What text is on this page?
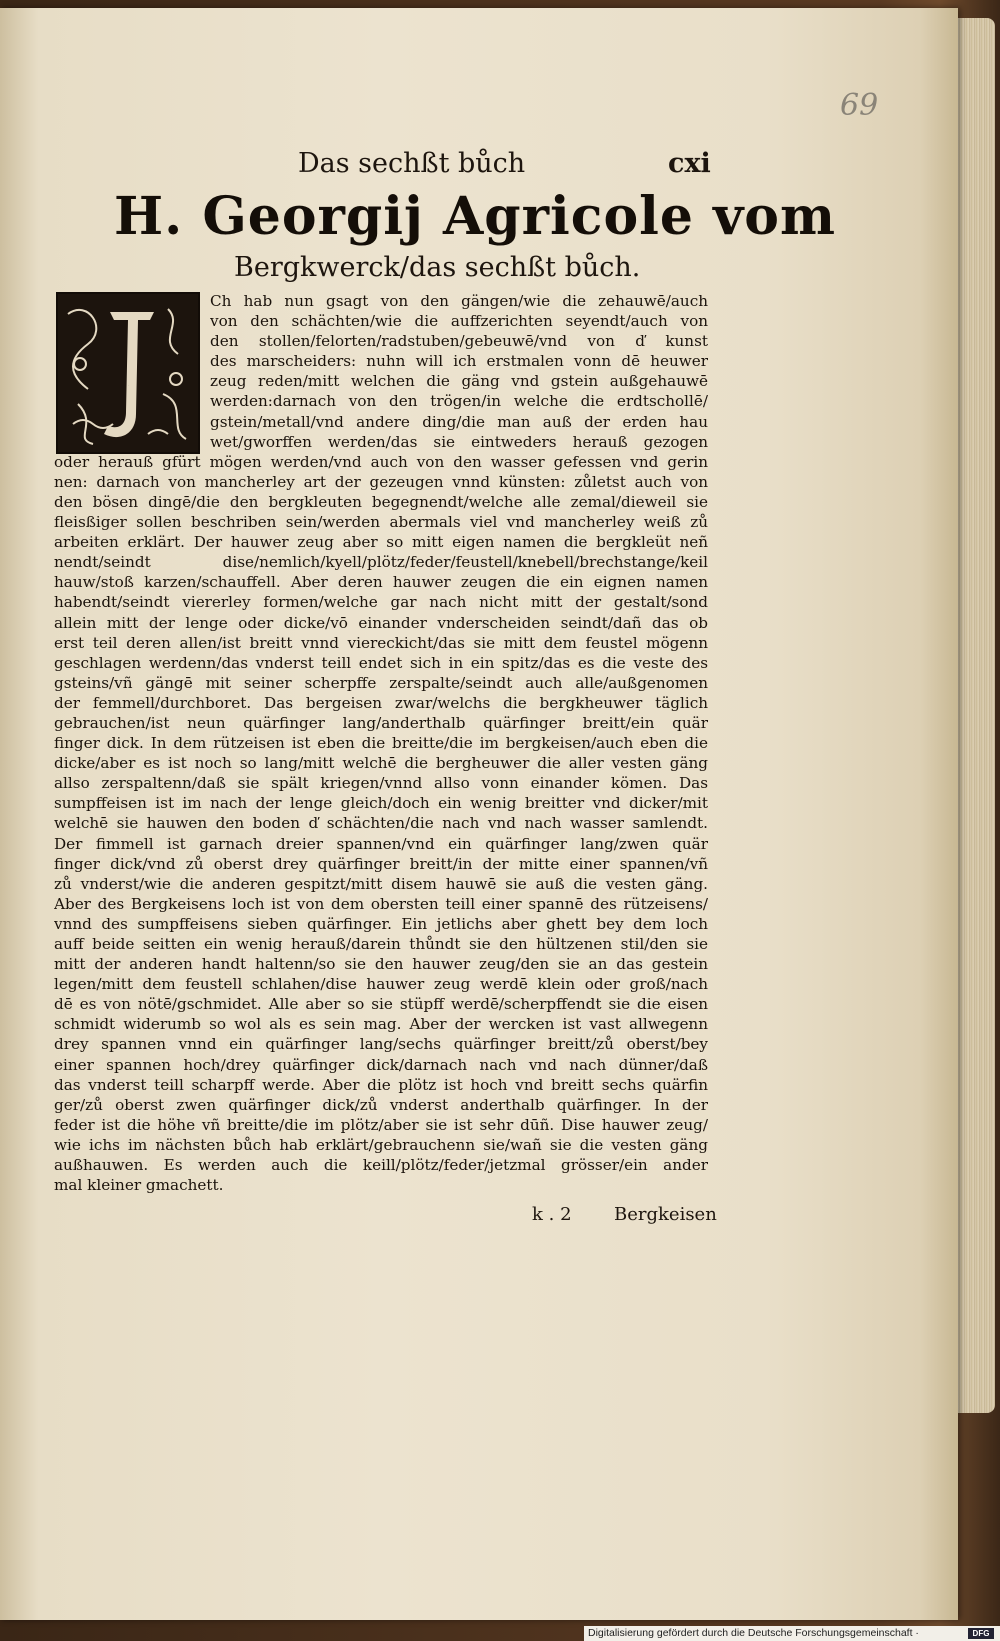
69
Das sechßt bůch	cxi
H. Georgij Agricole vom
Bergkwerck/das sechßt bůch.
I
Ch hab nun gsagt von den gängen/wie die zehauwē/auch
von den schächten/wie die auffzerichten seyendt/auch von
den stollen/felorten/radstuben/gebeuwē/vnd von ď kunst
des marscheiders: nuhn will ich erstmalen vonn dē heuwer
zeug reden/mitt welchen die gäng vnd gstein außgehauwē
werden:darnach von den trögen/in welche die erdtschollē/
gstein/metall/vnd andere ding/die man auß der erden hau
wet/gworffen werden/das sie eintweders herauß gezogen
oder herauß gfürt mögen werden/vnd auch von den wasser gefessen vnd gerin
nen: darnach von mancherley art der gezeugen vnnd künsten: zůletst auch von
den bösen dingē/die den bergkleuten begegnendt/welche alle zemal/dieweil sie
fleisßiger sollen beschriben sein/werden abermals viel vnd mancherley weiß zů
arbeiten erklärt. Der hauwer zeug aber so mitt eigen namen die bergkleüt neñ
nendt/seindt dise/nemlich/kyell/plötz/feder/feustell/knebell/brechstange/keil
hauw/stoß karzen/schauffell. Aber deren hauwer zeugen die ein eignen namen
habendt/seindt viererley formen/welche gar nach nicht mitt der gestalt/sond
allein mitt der lenge oder dicke/vō einander vnderscheiden seindt/dañ das ob
erst teil deren allen/ist breitt vnnd viereckicht/das sie mitt dem feustel mögenn
geschlagen werdenn/das vnderst teill endet sich in ein spitz/das es die veste des
gsteins/vñ gängē mit seiner scherpffe zerspalte/seindt auch alle/außgenomen
der femmell/durchboret. Das bergeisen zwar/welchs die bergkheuwer täglich
gebrauchen/ist neun quärfinger lang/anderthalb quärfinger breitt/ein quär
finger dick. In dem rützeisen ist eben die breitte/die im bergkeisen/auch eben die
dicke/aber es ist noch so lang/mitt welchē die bergheuwer die aller vesten gäng
allso zerspaltenn/daß sie spält kriegen/vnnd allso vonn einander kömen. Das
sumpffeisen ist im nach der lenge gleich/doch ein wenig breitter vnd dicker/mit
welchē sie hauwen den boden ď schächten/die nach vnd nach wasser samlendt.
Der fimmell ist garnach dreier spannen/vnd ein quärfinger lang/zwen quär
finger dick/vnd zů oberst drey quärfinger breitt/in der mitte einer spannen/vñ
zů vnderst/wie die anderen gespitzt/mitt disem hauwē sie auß die vesten gäng.
Aber des Bergkeisens loch ist von dem obersten teill einer spannē des rützeisens/
vnnd des sumpffeisens sieben quärfinger. Ein jetlichs aber ghett bey dem loch
auff beide seitten ein wenig herauß/darein thůndt sie den hültzenen stil/den sie
mitt der anderen handt haltenn/so sie den hauwer zeug/den sie an das gestein
legen/mitt dem feustell schlahen/dise hauwer zeug werdē klein oder groß/nach
dē es von nötē/gschmidet. Alle aber so sie stüpff werdē/scherpffendt sie die eisen
schmidt widerumb so wol als es sein mag. Aber der wercken ist vast allwegenn
drey spannen vnnd ein quärfinger lang/sechs quärfinger breitt/zů oberst/bey
einer spannen hoch/drey quärfinger dick/darnach nach vnd nach dünner/daß
das vnderst teill scharpff werde. Aber die plötz ist hoch vnd breitt sechs quärfin
ger/zů oberst zwen quärfinger dick/zů vnderst anderthalb quärfinger. In der
feder ist die höhe vñ breitte/die im plötz/aber sie ist sehr dūñ. Dise hauwer zeug/
wie ichs im nächsten bůch hab erklärt/gebrauchenn sie/wañ sie die vesten gäng
außhauwen. Es werden auch die keill/plötz/feder/jetzmal grösser/ein ander
mal kleiner gmachett.
k . 2 Bergkeisen
Digitalisierung gefördert durch die Deutsche Forschungsgemeinschaft ·	DFG
